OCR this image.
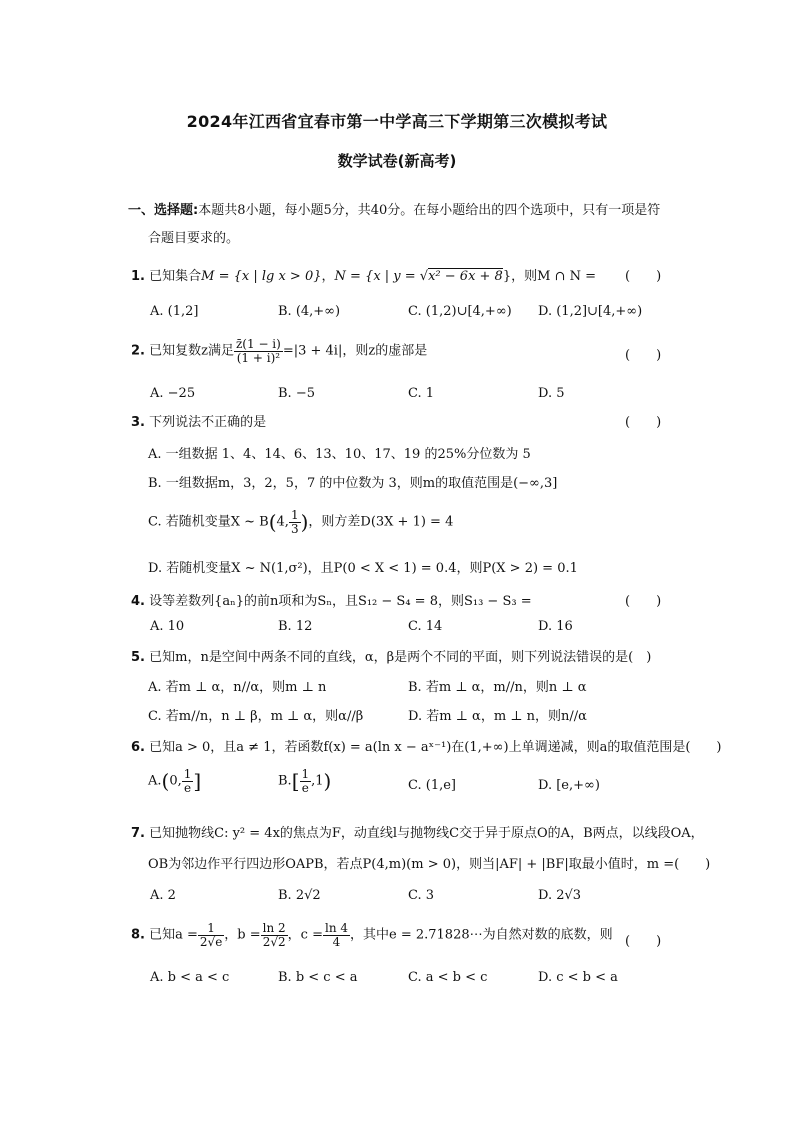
2024年江西省宜春市第一中学高三下学期第三次模拟考试
数学试卷(新高考)
一、选择题:本题共8小题，每小题5分，共40分。在每小题给出的四个选项中，只有一项是符
合题目要求的。
1. 已知集合M = {x | lg x > 0}，N = {x | y = √x² − 6x + 8}，则M ∩ N = (　　)
A. (1,2]	B. (4,+∞)	C. (1,2)∪[4,+∞) D. (1,2]∪[4,+∞)
2. 已知复数z满足 $\frac{z̄(1 - i)}{\text{(1 + i)²}} =|3 + 4i|$，则z的虚部是	(　　)
A. −25	B. −5	C. 1	D. 5
3. 下列说法不正确的是	(　　)
A. 一组数据 1、4、14、6、13、10、17、19 的25%分位数为 5
B. 一组数据m，3，2，5，7 的中位数为 3，则m的取值范围是(−∞,3]
C. 若随机变量X ~ B(4, $\frac{1}{3}$ )，则方差D(3X + 1) = 4
D. 若随机变量X ~ N(1,σ²)，且P(0 < X < 1) = 0.4，则P(X > 2) = 0.1
4. 设等差数列{aₙ}的前n项和为Sₙ，且S₁₂ − S₄ = 8，则S₁₃ − S₃ =	(　　)
A. 10	B. 12	C. 14	D. 16
5. 已知m，n是空间中两条不同的直线，α，β是两个不同的平面，则下列说法错误的是(　)
A. 若m ⊥ α，n//α，则m ⊥ n	B. 若m ⊥ α，m//n，则n ⊥ α
C. 若m//n，n ⊥ β，m ⊥ α，则α//β	D. 若m ⊥ α，m ⊥ n，则n//α
6. 已知a > 0，且a ≠ 1，若函数f(x) = a(ln x − aˣ⁻¹)在(1,+∞)上单调递减，则a的取值范围是(　　)
A.(0, $\frac{1}{e}$ ]	$B.[ \frac{1}{e} ,1)$	C. (1,e]	D. [e,+∞)
7. 已知抛物线C: y² = 4x的焦点为F，动直线l与抛物线C交于异于原点O的A，B两点，以线段OA，
OB为邻边作平行四边形OAPB，若点P(4,m)(m > 0)，则当|AF| + |BF|取最小值时，m =(　　)
A. 2	B. 2√2	C. 3	D. 2√3
8. 已知$a = \frac{1}{2√e}$ ，$b = \frac{\ln 2}{2√2}$ ，$c = \frac{\ln 4}{4}$ ，其中e = 2.71828⋯为自然对数的底数，则 (　　)
A. b < a < c	B. b < c < a	C. a < b < c	D. c < b < a
